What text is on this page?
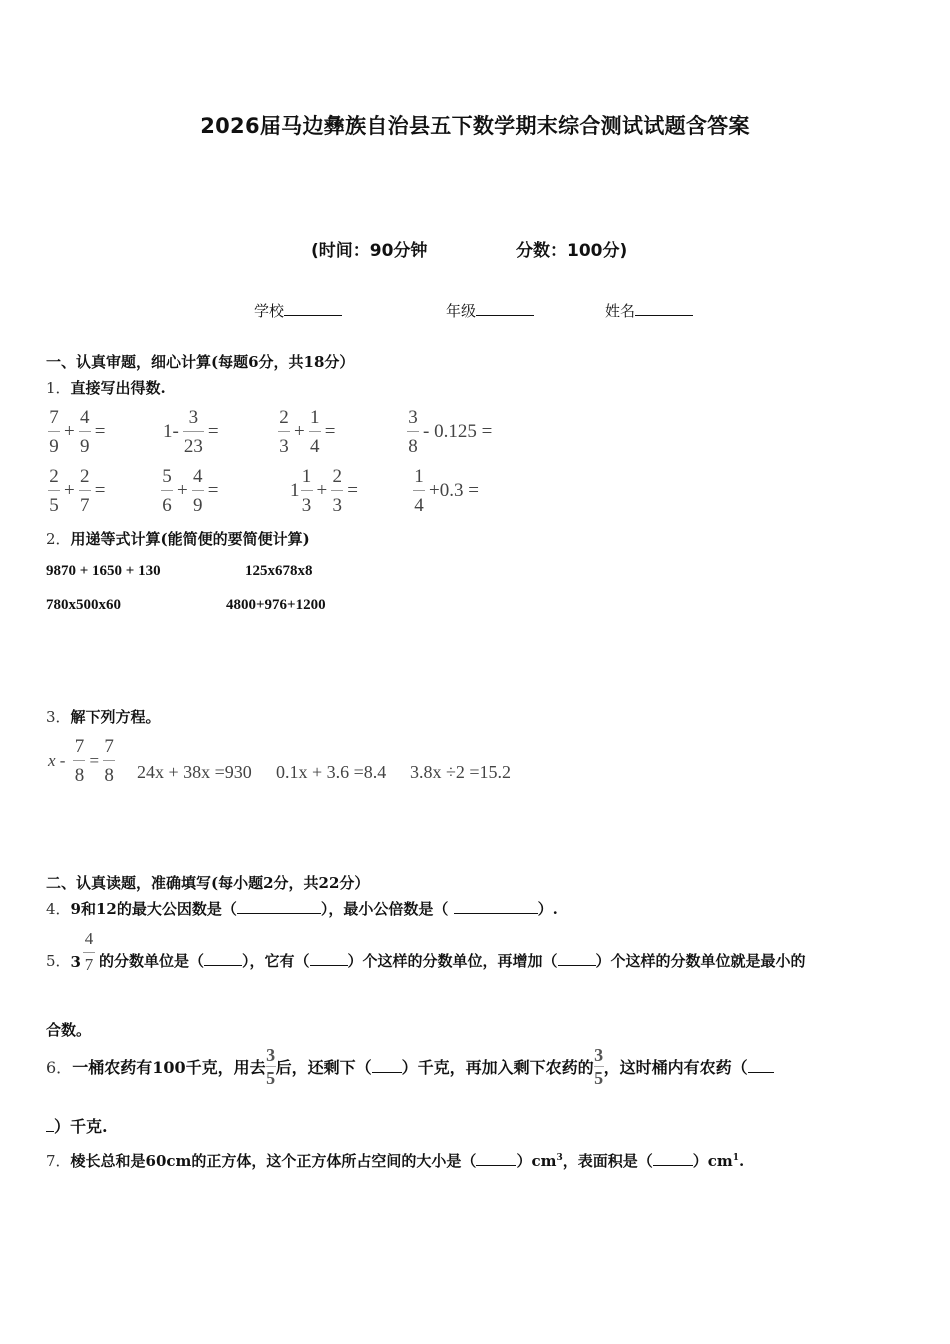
2026届马边彝族自治县五下数学期末综合测试试题含答案
(时间：90分钟	分数：100分)
学校	年级	姓名
一、认真审题，细心计算(每题6分，共18分）
1．直接写出得数.
$\frac{7}{9} + \frac{4}{9}$ =	$1- \frac{3}{23}$ =	$\frac{2}{3} + \frac{1}{4}$ =	$\frac{3}{8} - 0.125$ =
$\frac{2}{5} + \frac{2}{7}$ =	$\frac{5}{6} + \frac{4}{9}$ =	$1 \frac{1}{3} + \frac{2}{3}$ =	$\frac{1}{4} +0.3$ =
2．用递等式计算(能简便的要简便计算)
9870 + 1650 + 130	125x678x8
780x500x60	4800+976+1200
3．解下列方程。
$x - \frac{7}{8} = \frac{7}{8} 24x + 38x =930$ 0.1x + 3.6 =8.4 3.8x ÷2 =15.2
二、认真读题，准确填写(每小题2分，共22分）
4．9和12的最大公因数是（	），最小公倍数是（	）.
5． $3 \frac{4}{7}$ 的分数单位是（	），它有（	）个这样的分数单位，再增加（	）个这样的分数单位就是最小的
合数。
6． 一桶农药有100千克，用去
3
5
后，还剩下（ ）千克，再加入剩下农药的
3
5
，这时桶内有农药（
）千克.
7．棱长总和是60cm的正方体，这个正方体所占空间的大小是（	）$cm^3$，表面积是（	）$cm^1$.
